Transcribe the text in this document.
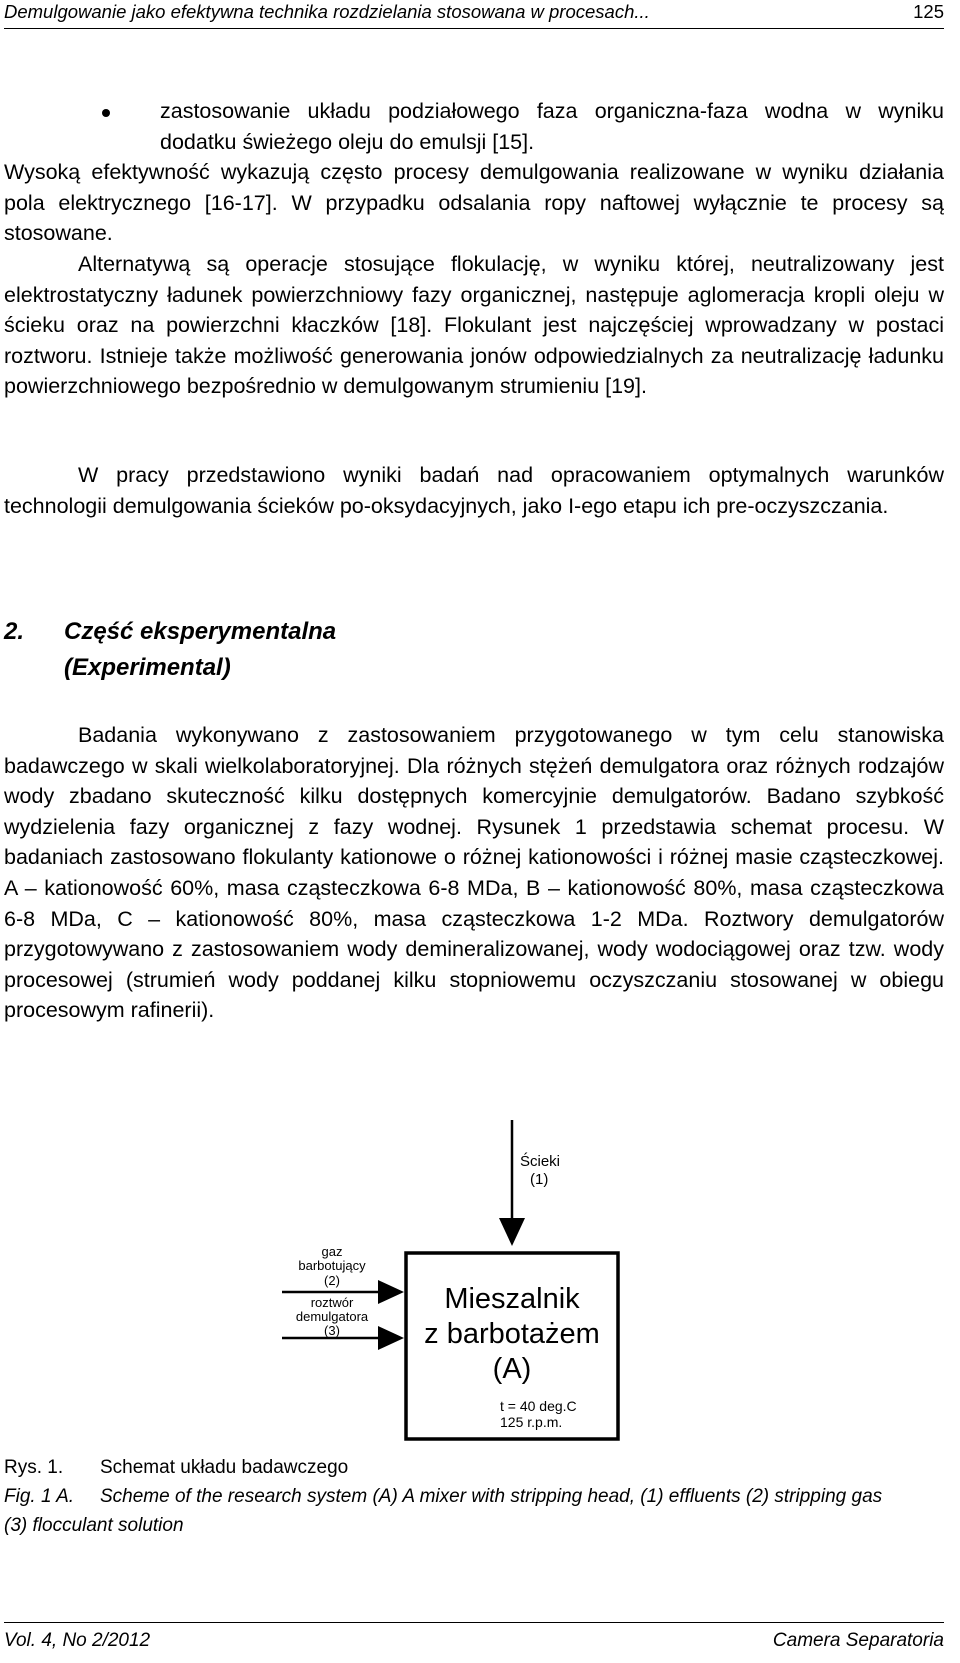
Demulgowanie jako efektywna technika rozdzielania stosowana w procesach...	125

zastosowanie układu podziałowego faza organiczna-faza wodna w wyniku dodatku świeżego oleju do emulsji [15].

Wysoką efektywność wykazują często procesy demulgowania realizowane w wyniku działania pola elektrycznego [16-17]. W przypadku odsalania ropy naftowej wyłącznie te procesy są stosowane.

Alternatywą są operacje stosujące flokulację, w wyniku której, neutralizowany jest elektrostatyczny ładunek powierzchniowy fazy organicznej, następuje aglomeracja kropli oleju w ścieku oraz na powierzchni kłaczków [18]. Flokulant jest najczęściej wprowadzany w postaci roztworu. Istnieje także możliwość generowania jonów odpowiedzialnych za neutralizację ładunku powierzchniowego bezpośrednio w demulgowanym strumieniu [19].

W pracy przedstawiono wyniki badań nad opracowaniem optymalnych warunków technologii demulgowania ścieków po-oksydacyjnych, jako I-ego etapu ich pre-oczyszczania.

2. Część eksperymentalna
(Experimental)

Badania wykonywano z zastosowaniem przygotowanego w tym celu stanowiska badawczego w skali wielkolaboratoryjnej. Dla różnych stężeń demulgatora oraz różnych rodzajów wody zbadano skuteczność kilku dostępnych komercyjnie demulgatorów. Badano szybkość wydzielenia fazy organicznej z fazy wodnej. Rysunek 1 przedstawia schemat procesu. W badaniach zastosowano flokulanty kationowe o różnej kationowości i różnej masie cząsteczkowej. A – kationowość 60%, masa cząsteczkowa 6-8 MDa, B – kationowość 80%, masa cząsteczkowa 6-8 MDa, C – kationowość 80%, masa cząsteczkowa 1-2 MDa. Roztwory demulgatorów przygotowywano z zastosowaniem wody demineralizowanej, wody wodociągowej oraz tzw. wody procesowej (strumień wody poddanej kilku stopniowemu oczyszczaniu stosowanej w obiegu procesowym rafinerii).

Ścieki
(1)
Mieszalnik
z barbotażem
(A)
t = 40 deg.C
125 r.p.m.
gaz
barbotujący
(2)
roztwór
demulgatora
(3)
Rys. 1. Schemat układu badawczego
Fig. 1 A. Scheme of the research system (A) A mixer with stripping head, (1) effluents (2) stripping gas (3) flocculant solution
Vol. 4, No 2/2012	Camera Separatoria
